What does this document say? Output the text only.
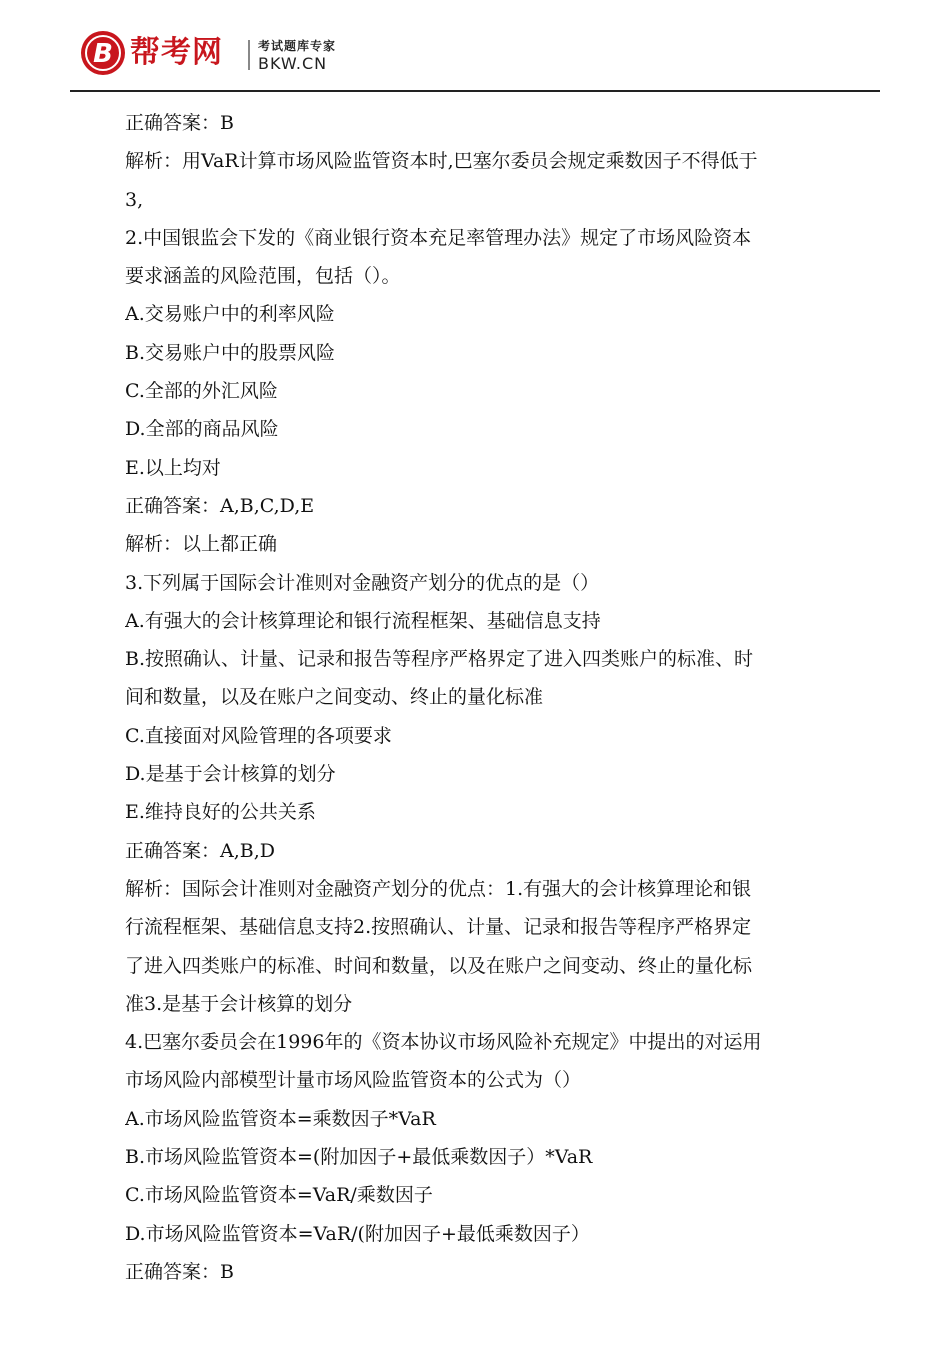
B 帮考网	考试题库专家
BKW.CN
正确答案：B
解析：用VaR计算市场风险监管资本时,巴塞尔委员会规定乘数因子不得低于
3,
2.中国银监会下发的《商业银行资本充足率管理办法》规定了市场风险资本
要求涵盖的风险范围，包括（）。
A.交易账户中的利率风险
B.交易账户中的股票风险
C.全部的外汇风险
D.全部的商品风险
E.以上均对
正确答案：A,B,C,D,E
解析：以上都正确
3.下列属于国际会计准则对金融资产划分的优点的是（）
A.有强大的会计核算理论和银行流程框架、基础信息支持
B.按照确认、计量、记录和报告等程序严格界定了进入四类账户的标准、时
间和数量，以及在账户之间变动、终止的量化标准
C.直接面对风险管理的各项要求
D.是基于会计核算的划分
E.维持良好的公共关系
正确答案：A,B,D
解析：国际会计准则对金融资产划分的优点：1.有强大的会计核算理论和银
行流程框架、基础信息支持2.按照确认、计量、记录和报告等程序严格界定
了进入四类账户的标准、时间和数量，以及在账户之间变动、终止的量化标
准3.是基于会计核算的划分
4.巴塞尔委员会在1996年的《资本协议市场风险补充规定》中提出的对运用
市场风险内部模型计量市场风险监管资本的公式为（）
A.市场风险监管资本=乘数因子*VaR
B.市场风险监管资本=(附加因子+最低乘数因子）*VaR
C.市场风险监管资本=VaR/乘数因子
D.市场风险监管资本=VaR/(附加因子+最低乘数因子）
正确答案：B
